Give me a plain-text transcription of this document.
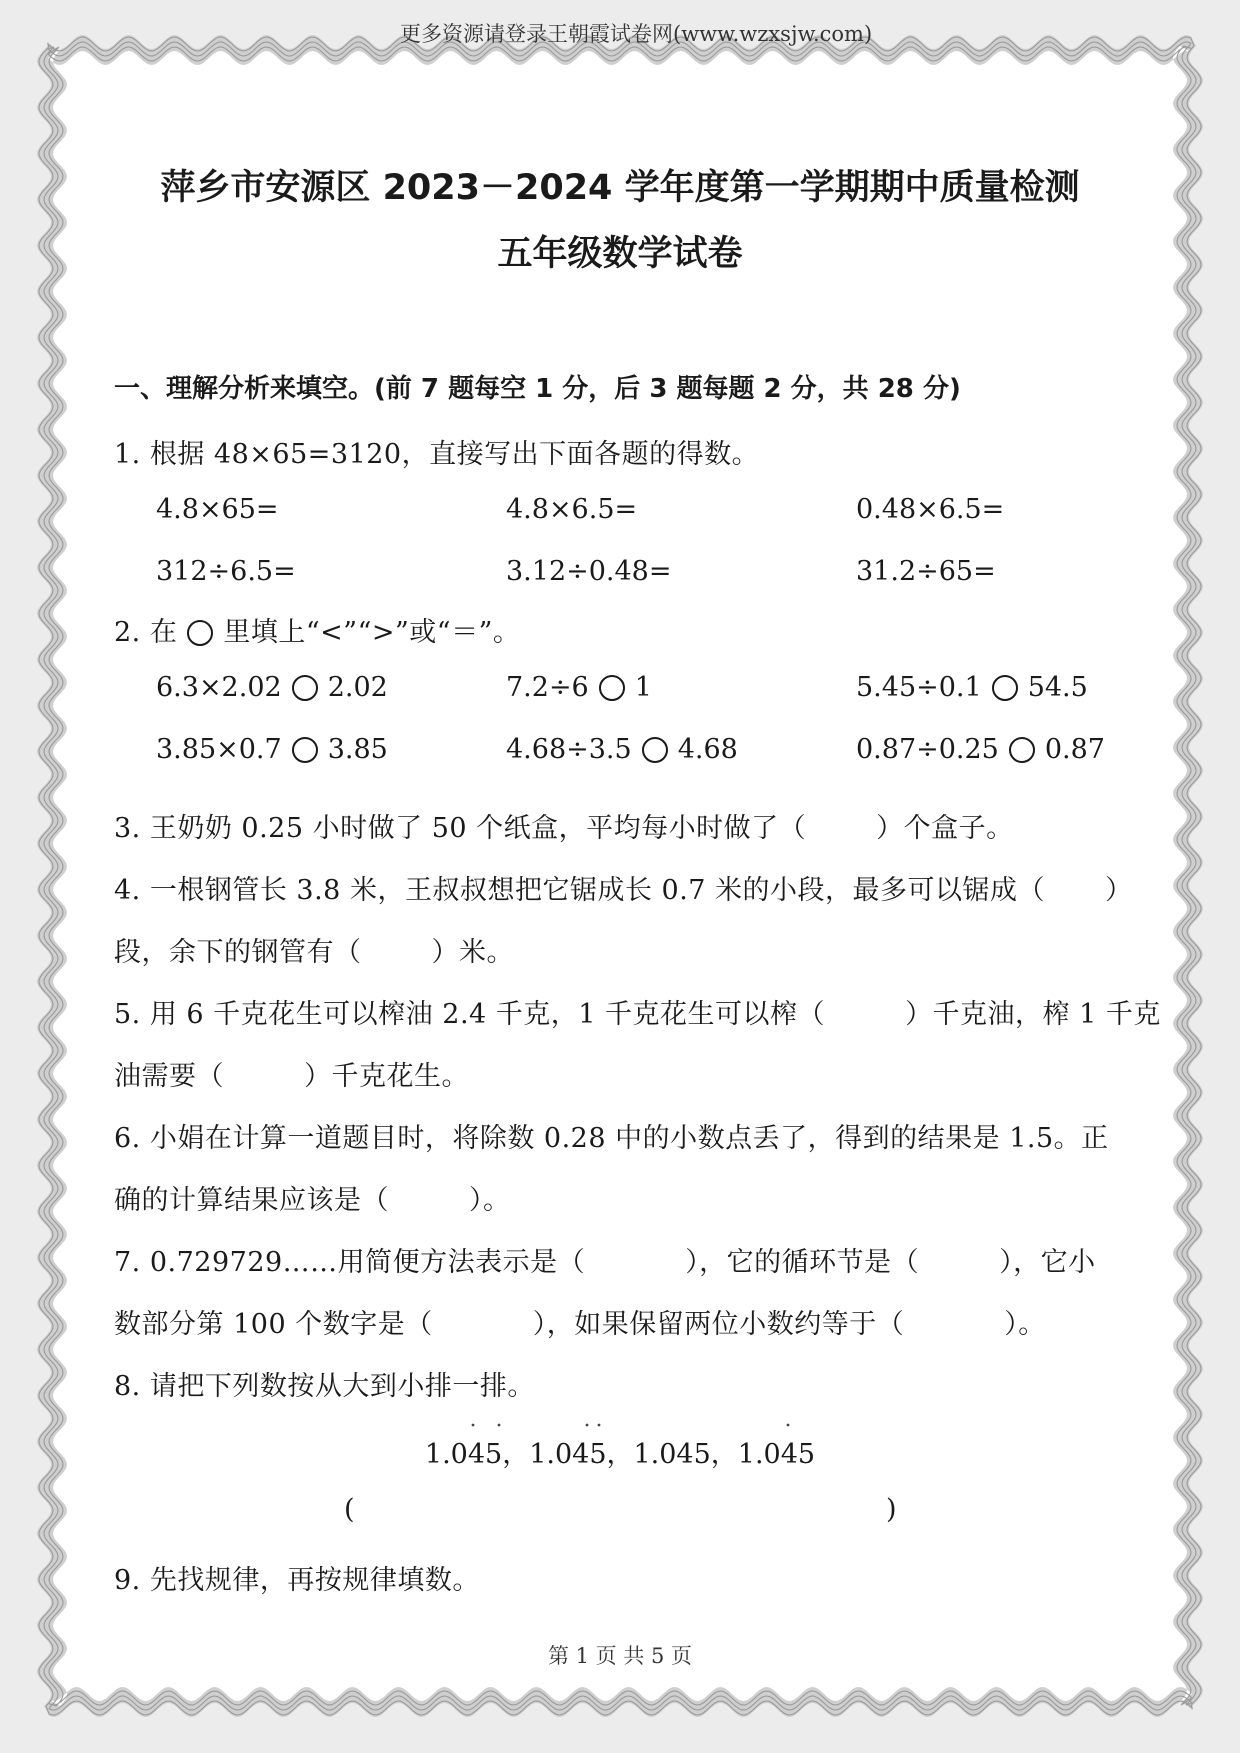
更多资源请登录王朝霞试卷网(www.wzxsjw.com)
萍乡市安源区 2023－2024 学年度第一学期期中质量检测
五年级数学试卷
一、理解分析来填空。(前 7 题每空 1 分，后 3 题每题 2 分，共 28 分)
1. 根据 48×65=3120，直接写出下面各题的得数。
4.8×65=	4.8×6.5=	0.48×6.5=
312÷6.5=	3.12÷0.48=	31.2÷65=
2. 在 里填上“<”“>”或“＝”。
6.3×2.02 2.02	7.2÷6 1	5.45÷0.1 54.5
3.85×0.7 3.85	4.68÷3.5 4.68	0.87÷0.25 0.87
3. 王奶奶 0.25 小时做了 50 个纸盒，平均每小时做了（	）个盒子。
4. 一根钢管长 3.8 米，王叔叔想把它锯成长 0.7 米的小段，最多可以锯成（ ）
段，余下的钢管有（	）米。
5. 用 6 千克花生可以榨油 2.4 千克，1 千克花生可以榨（	）千克油，榨 1 千克
油需要（	）千克花生。
6. 小娟在计算一道题目时，将除数 0.28 中的小数点丢了，得到的结果是 1.5。正
确的计算结果应该是（	）。
7. 0.729729……用简便方法表示是（	），它的循环节是（	），它小
数部分第 100 个数字是（	），如果保留两位小数约等于（	）。
8. 请把下列数按从大到小排一排。
1.045，1.045，1.045，1.045
(	)
9. 先找规律，再按规律填数。
第 1 页 共 5 页
